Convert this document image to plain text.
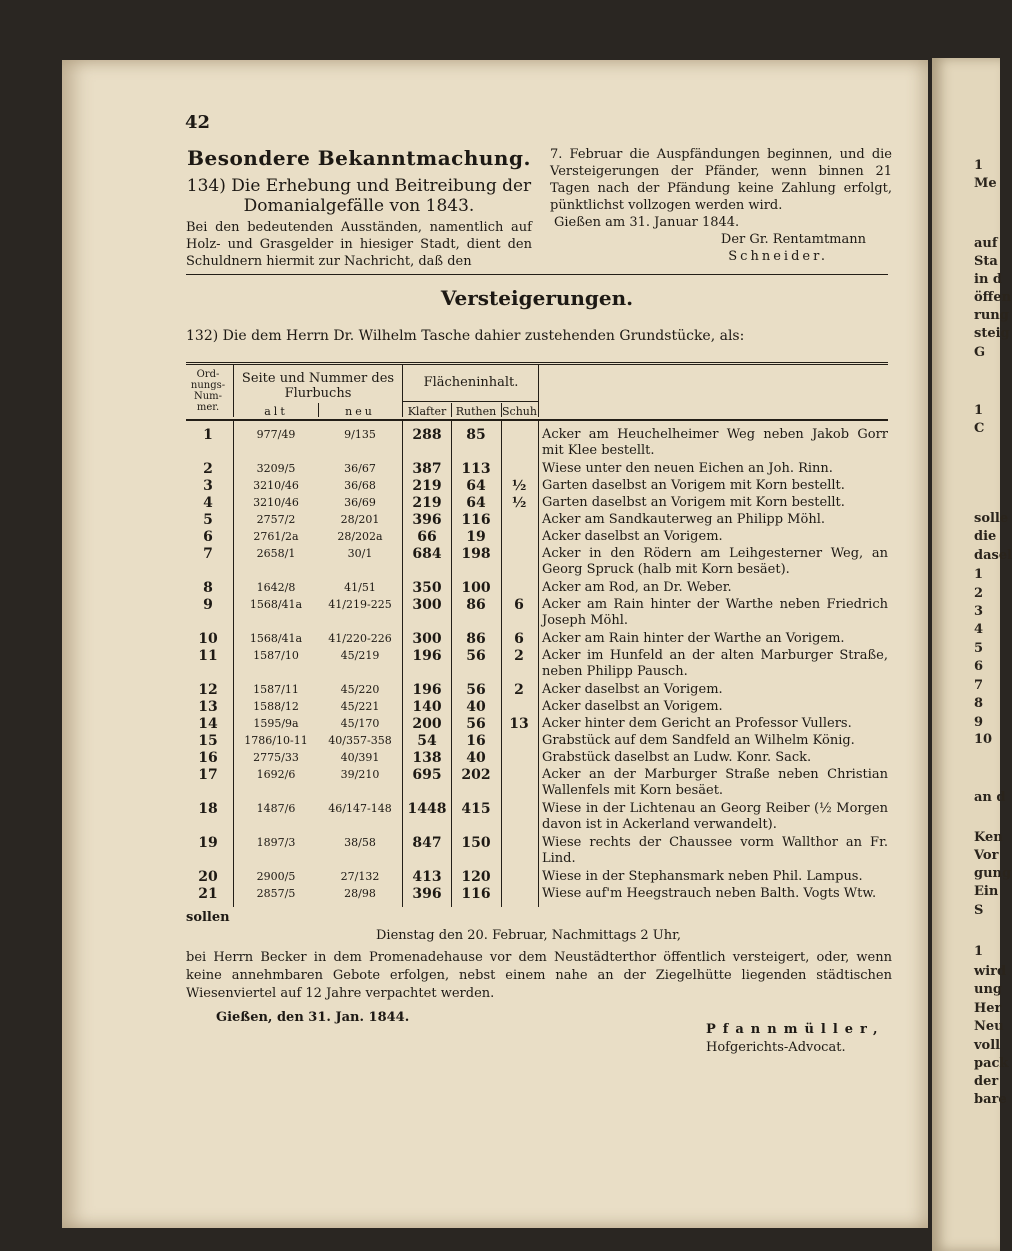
1
Me
auf
Sta
in d
öffen
rung
steig
G
1
C
solle
die
dasel
1
2
3
4
5
6
7
8
9
10
an d
Ken
Vor
gung
Ein
S
1
wird
ung
Her
Neu
voll
pack
der
bare
42

Besondere Bekanntmachung.

134) Die Erhebung und Beitreibung der Domanialgefälle von 1843.

Bei den bedeutenden Ausständen, namentlich auf Holz- und Grasgelder in hiesiger Stadt, dient den Schuldnern hiermit zur Nachricht, daß den

7. Februar die Auspfändungen beginnen, und die Versteigerungen der Pfänder, wenn binnen 21 Tagen nach der Pfändung keine Zahlung erfolgt, pünktlichst vollzogen werden wird.

Gießen am 31. Januar 1844.

Der Gr. Rentamtmann

Schneider.

Versteigerungen.
132) Die dem Herrn Dr. Wilhelm Tasche dahier zustehenden Grundstücke, als:
Ord- nungs- Num- mer.
Seite und Nummer des Flurbuchs
alt	neu
Flächeninhalt.
Klafter Ruthen Schuh
1	977/49	9/135	288	85	Acker am Heuchelheimer Weg neben Jakob Gorr mit Klee bestellt.
2	3209/5	36/67	387	113	Wiese unter den neuen Eichen an Joh. Rinn.
3	3210/46	36/68	219	64	½	Garten daselbst an Vorigem mit Korn bestellt.
4	3210/46	36/69	219	64	½	Garten daselbst an Vorigem mit Korn bestellt.
5	2757/2	28/201	396	116	Acker am Sandkauterweg an Philipp Möhl.
6	2761/2a	28/202a	66	19	Acker daselbst an Vorigem.
7	2658/1	30/1	684	198	Acker in den Rödern am Leihgesterner Weg, an Georg Spruck (halb mit Korn besäet).
8	1642/8	41/51	350	100	Acker am Rod, an Dr. Weber.
9	1568/41a	41/219-225	300	86	6	Acker am Rain hinter der Warthe neben Friedrich Joseph Möhl.
10	1568/41a	41/220-226	300	86	6	Acker am Rain hinter der Warthe an Vorigem.
11	1587/10	45/219	196	56	2	Acker im Hunfeld an der alten Marburger Straße, neben Philipp Pausch.
12	1587/11	45/220	196	56	2	Acker daselbst an Vorigem.
13	1588/12	45/221	140	40	Acker daselbst an Vorigem.
14	1595/9a	45/170	200	56	13	Acker hinter dem Gericht an Professor Vullers.
15	1786/10-11	40/357-358	54	16	Grabstück auf dem Sandfeld an Wilhelm König.
16	2775/33	40/391	138	40	Grabstück daselbst an Ludw. Konr. Sack.
17	1692/6	39/210	695	202	Acker an der Marburger Straße neben Christian Wallenfels mit Korn besäet.
18	1487/6	46/147-148	1448	415	Wiese in der Lichtenau an Georg Reiber (½ Morgen davon ist in Ackerland verwandelt).
19	1897/3	38/58	847	150	Wiese rechts der Chaussee vorm Wallthor an Fr. Lind.
20	2900/5	27/132	413	120	Wiese in der Stephansmark neben Phil. Lampus.
21	2857/5	28/98	396	116	Wiese auf'm Heegstrauch neben Balth. Vogts Wtw.
sollen
Dienstag den 20. Februar, Nachmittags 2 Uhr,
bei Herrn Becker in dem Promenadehause vor dem Neustädterthor öffentlich versteigert, oder, wenn keine annehmbaren Gebote erfolgen, nebst einem nahe an der Ziegelhütte liegenden städtischen Wiesenviertel auf 12 Jahre verpachtet werden.
Gießen, den 31. Jan. 1844.
Pfannmüller,
Hofgerichts-Advocat.
